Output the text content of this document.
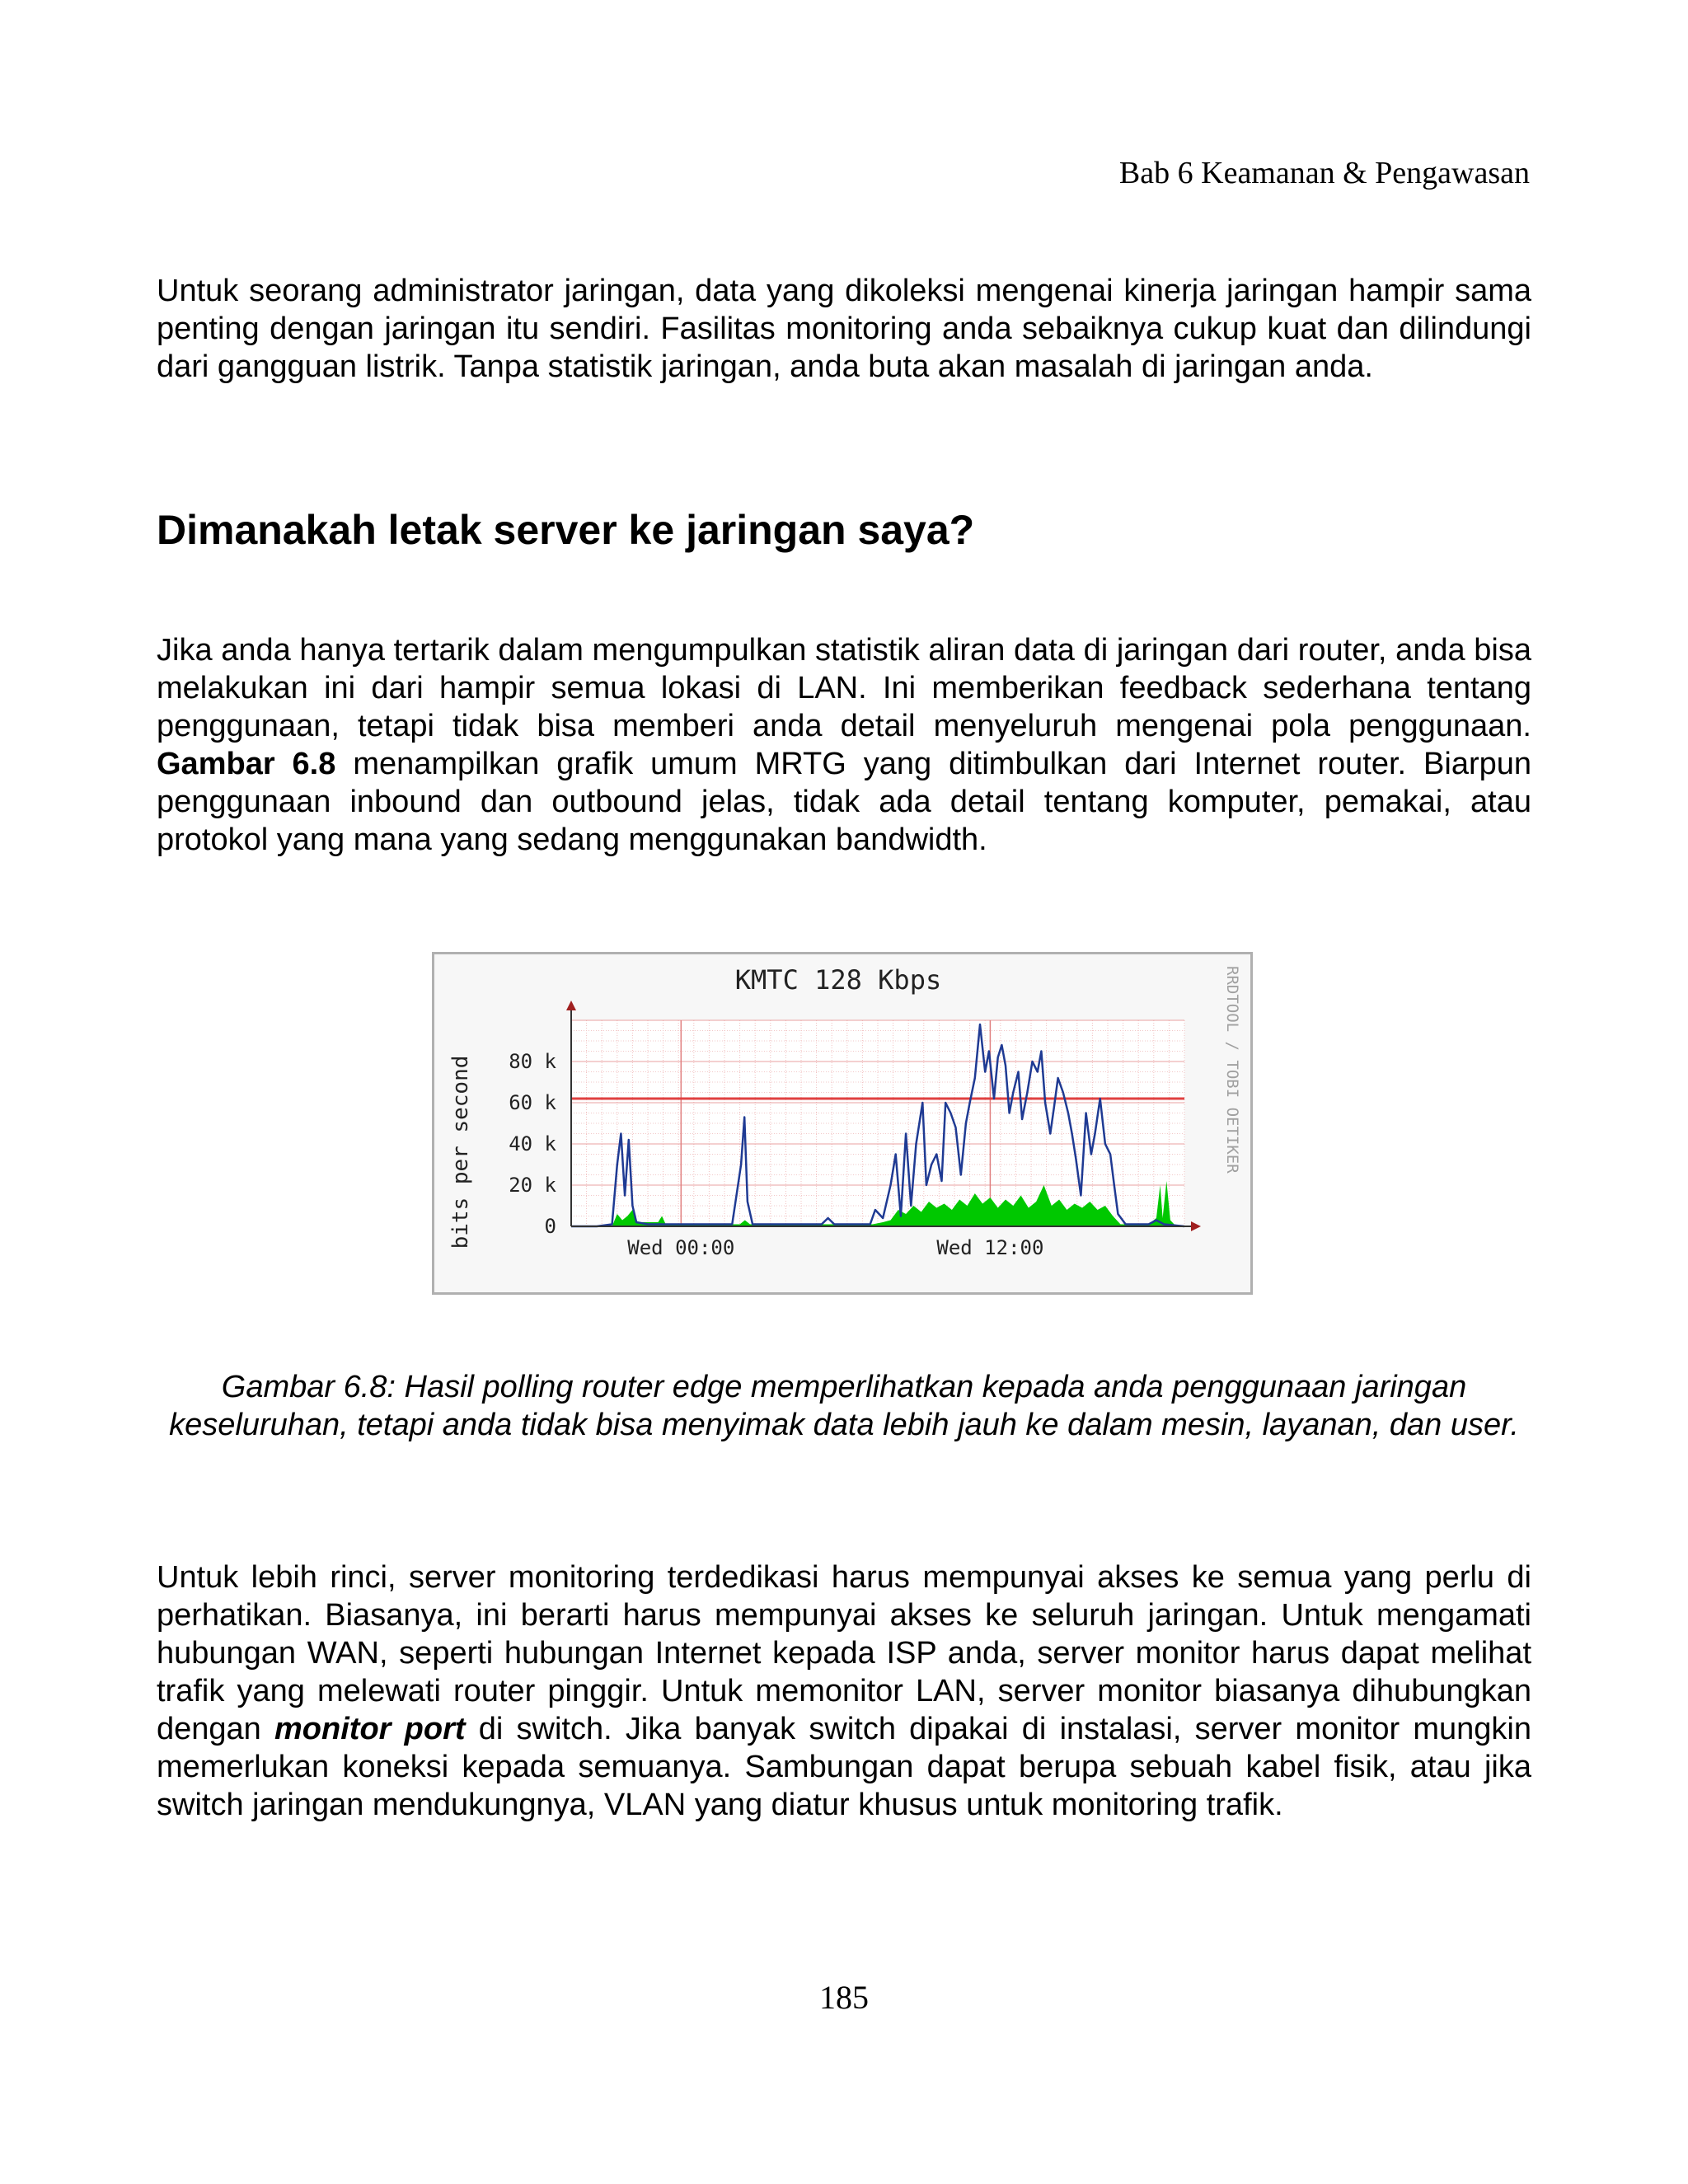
Bab 6 Keamanan & Pengawasan

Untuk seorang administrator jaringan, data yang dikoleksi mengenai kinerja jaringan hampir sama penting dengan jaringan itu sendiri. Fasilitas monitoring anda sebaiknya cukup kuat dan dilindungi dari gangguan listrik. Tanpa statistik jaringan, anda buta akan masalah di jaringan anda.

Dimanakah letak server ke jaringan saya?

Jika anda hanya tertarik dalam mengumpulkan statistik aliran data di jaringan dari router, anda bisa melakukan ini dari hampir semua lokasi di LAN. Ini memberikan feedback sederhana tentang penggunaan, tetapi tidak bisa memberi anda detail menyeluruh mengenai pola penggunaan. Gambar 6.8 menampilkan grafik umum MRTG yang ditimbulkan dari Internet router. Biarpun penggunaan inbound dan outbound jelas, tidak ada detail tentang komputer, pemakai, atau protokol yang mana yang sedang menggunakan bandwidth.

KMTC 128 Kbps
bits per second	RRDTOOL / TOBI OETIKER
0
20 k
40 k
60 k
80 k
Wed 00:00	Wed 12:00

Gambar 6.8: Hasil polling router edge memperlihatkan kepada anda penggunaan jaringan keseluruhan, tetapi anda tidak bisa menyimak data lebih jauh ke dalam mesin, layanan, dan user.

Untuk lebih rinci, server monitoring terdedikasi harus mempunyai akses ke semua yang perlu di perhatikan. Biasanya, ini berarti harus mempunyai akses ke seluruh jaringan. Untuk mengamati hubungan WAN, seperti hubungan Internet kepada ISP anda, server monitor harus dapat melihat trafik yang melewati router pinggir. Untuk memonitor LAN, server monitor biasanya dihubungkan dengan monitor port di switch. Jika banyak switch dipakai di instalasi, server monitor mungkin memerlukan koneksi kepada semuanya. Sambungan dapat berupa sebuah kabel fisik, atau jika switch jaringan mendukungnya, VLAN yang diatur khusus untuk monitoring trafik.

185
